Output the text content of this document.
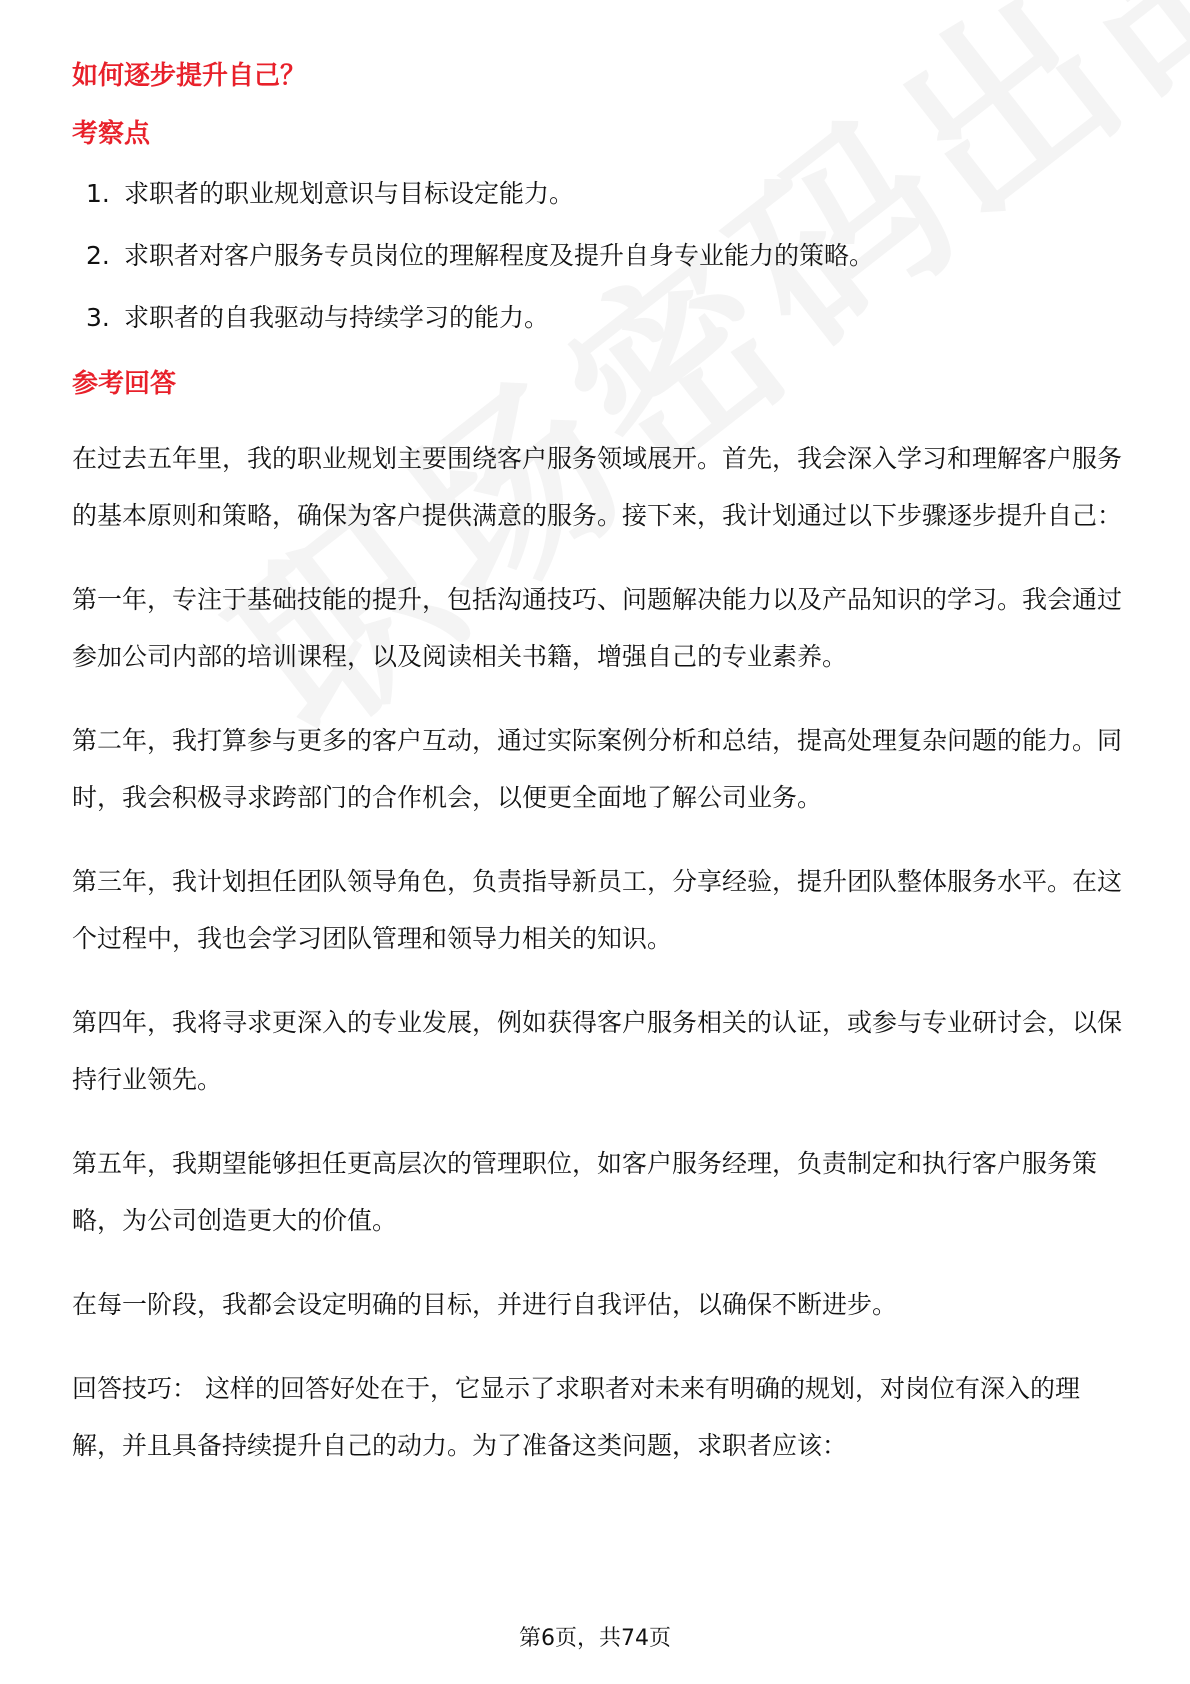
如何逐步提升自己？
考察点
1. 求职者的职业规划意识与目标设定能力。
2. 求职者对客户服务专员岗位的理解程度及提升自身专业能力的策略。
3. 求职者的自我驱动与持续学习的能力。
参考回答

在过去五年里，我的职业规划主要围绕客户服务领域展开。首先，我会深入学习和理解客户服务的基本原则和策略，确保为客户提供满意的服务。接下来，我计划通过以下步骤逐步提升自己：

第一年，专注于基础技能的提升，包括沟通技巧、问题解决能力以及产品知识的学习。我会通过参加公司内部的培训课程，以及阅读相关书籍，增强自己的专业素养。

第二年，我打算参与更多的客户互动，通过实际案例分析和总结，提高处理复杂问题的能力。同时，我会积极寻求跨部门的合作机会，以便更全面地了解公司业务。

第三年，我计划担任团队领导角色，负责指导新员工，分享经验，提升团队整体服务水平。在这个过程中，我也会学习团队管理和领导力相关的知识。

第四年，我将寻求更深入的专业发展，例如获得客户服务相关的认证，或参与专业研讨会，以保持行业领先。

第五年，我期望能够担任更高层次的管理职位，如客户服务经理，负责制定和执行客户服务策略，为公司创造更大的价值。

在每一阶段，我都会设定明确的目标，并进行自我评估，以确保不断进步。

回答技巧： 这样的回答好处在于，它显示了求职者对未来有明确的规划，对岗位有深入的理解，并且具备持续提升自己的动力。为了准备这类问题，求职者应该：

第6页，共74页
